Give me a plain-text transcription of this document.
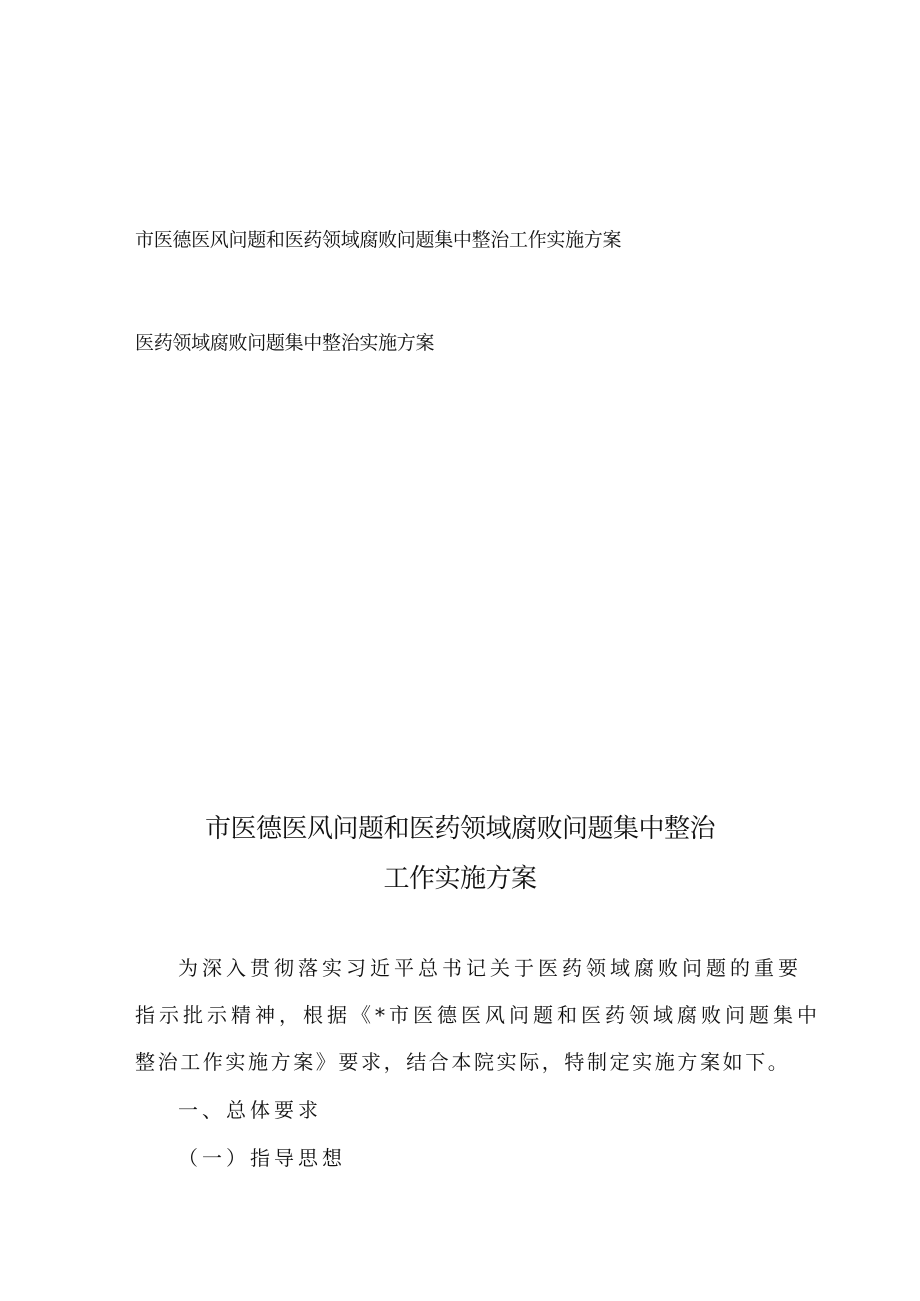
市医德医风问题和医药领域腐败问题集中整治工作实施方案
医药领域腐败问题集中整治实施方案
市医德医风问题和医药领域腐败问题集中整治
工作实施方案

为深入贯彻落实习近平总书记关于医药领域腐败问题的重要

指示批示精神，根据《*市医德医风问题和医药领域腐败问题集中

整治工作实施方案》要求，结合本院实际，特制定实施方案如下。

一、总体要求

（一）指导思想
